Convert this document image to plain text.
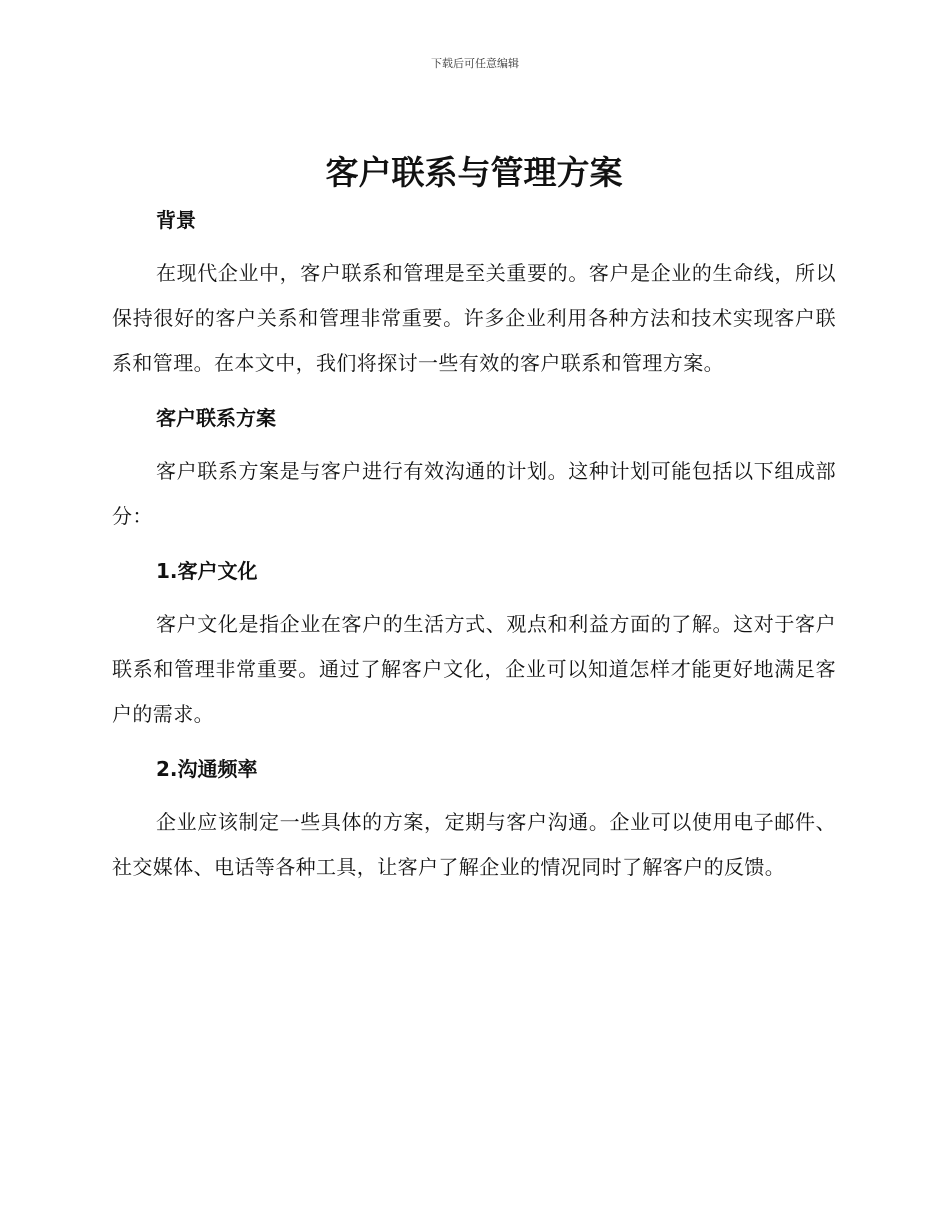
下载后可任意编辑
客户联系与管理方案
背景

在现代企业中，客户联系和管理是至关重要的。客户是企业的生命线，所以保持很好的客户关系和管理非常重要。许多企业利用各种方法和技术实现客户联系和管理。在本文中，我们将探讨一些有效的客户联系和管理方案。

客户联系方案

客户联系方案是与客户进行有效沟通的计划。这种计划可能包括以下组成部分：

1.客户文化

客户文化是指企业在客户的生活方式、观点和利益方面的了解。这对于客户联系和管理非常重要。通过了解客户文化，企业可以知道怎样才能更好地满足客户的需求。

2.沟通频率

企业应该制定一些具体的方案，定期与客户沟通。企业可以使用电子邮件、社交媒体、电话等各种工具，让客户了解企业的情况同时了解客户的反馈。
